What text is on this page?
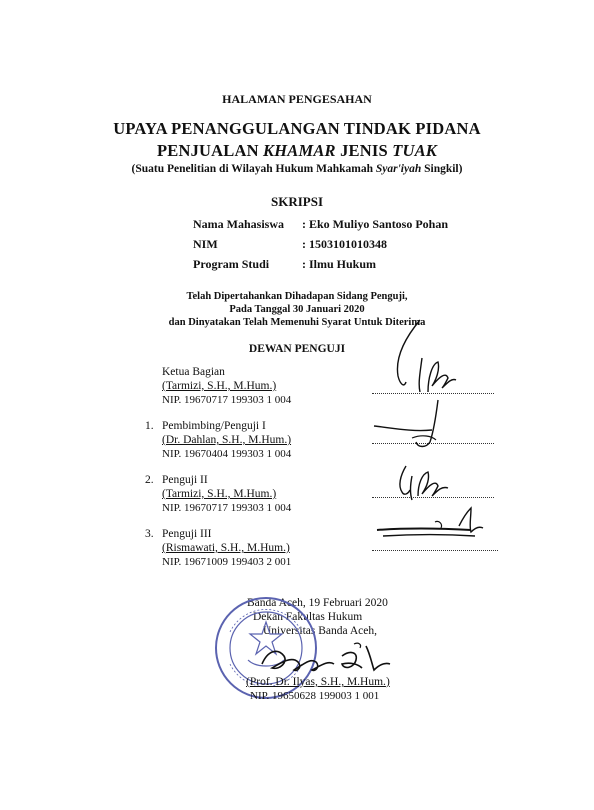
HALAMAN PENGESAHAN
UPAYA PENANGGULANGAN TINDAK PIDANA
PENJUALAN KHAMAR JENIS TUAK
(Suatu Penelitian di Wilayah Hukum Mahkamah Syar'iyah Singkil)
SKRIPSI
Nama Mahasiswa : Eko Muliyo Santoso Pohan
NIM	: 1503101010348
Program Studi	: Ilmu Hukum
Telah Dipertahankan Dihadapan Sidang Penguji,
Pada Tanggal 30 Januari 2020
dan Dinyatakan Telah Memenuhi Syarat Untuk Diterima
DEWAN PENGUJI
Ketua Bagian
(Tarmizi, S.H., M.Hum.)
NIP. 19670717 199303 1 004
1. Pembimbing/Penguji I
(Dr. Dahlan, S.H., M.Hum.)
NIP. 19670404 199303 1 004
2. Penguji II
(Tarmizi, S.H., M.Hum.)
NIP. 19670717 199303 1 004
3. Penguji III
(Rismawati, S.H., M.Hum.)
NIP. 19671009 199403 2 001
Banda Aceh, 19 Februari 2020
Dekan Fakultas Hukum
Universitas Banda Aceh,
(Prof. Dr. Ilyas, S.H., M.Hum.)
NIP. 19650628 199003 1 001
